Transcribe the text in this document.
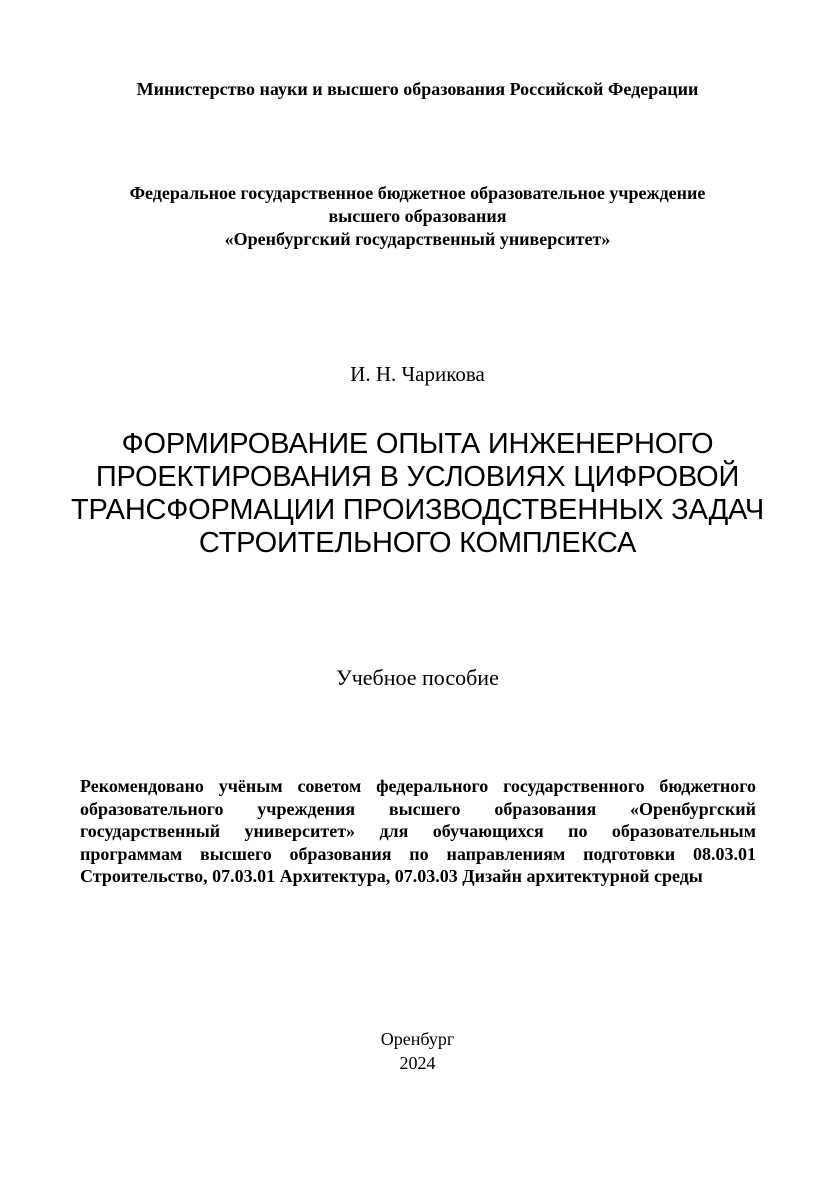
Министерство науки и высшего образования Российской Федерации
Федеральное государственное бюджетное образовательное учреждение
высшего образования
«Оренбургский государственный университет»
И. Н. Чарикова
ФОРМИРОВАНИЕ ОПЫТА ИНЖЕНЕРНОГО
ПРОЕКТИРОВАНИЯ В УСЛОВИЯХ ЦИФРОВОЙ
ТРАНСФОРМАЦИИ ПРОИЗВОДСТВЕННЫХ ЗАДАЧ
СТРОИТЕЛЬНОГО КОМПЛЕКСА
Учебное пособие
Рекомендовано учёным советом федерального государственного бюджетного
образовательного учреждения высшего образования «Оренбургский
государственный университет» для обучающихся по образовательным
программам высшего образования по направлениям подготовки 08.03.01
Строительство, 07.03.01 Архитектура, 07.03.03 Дизайн архитектурной среды
Оренбург
2024
